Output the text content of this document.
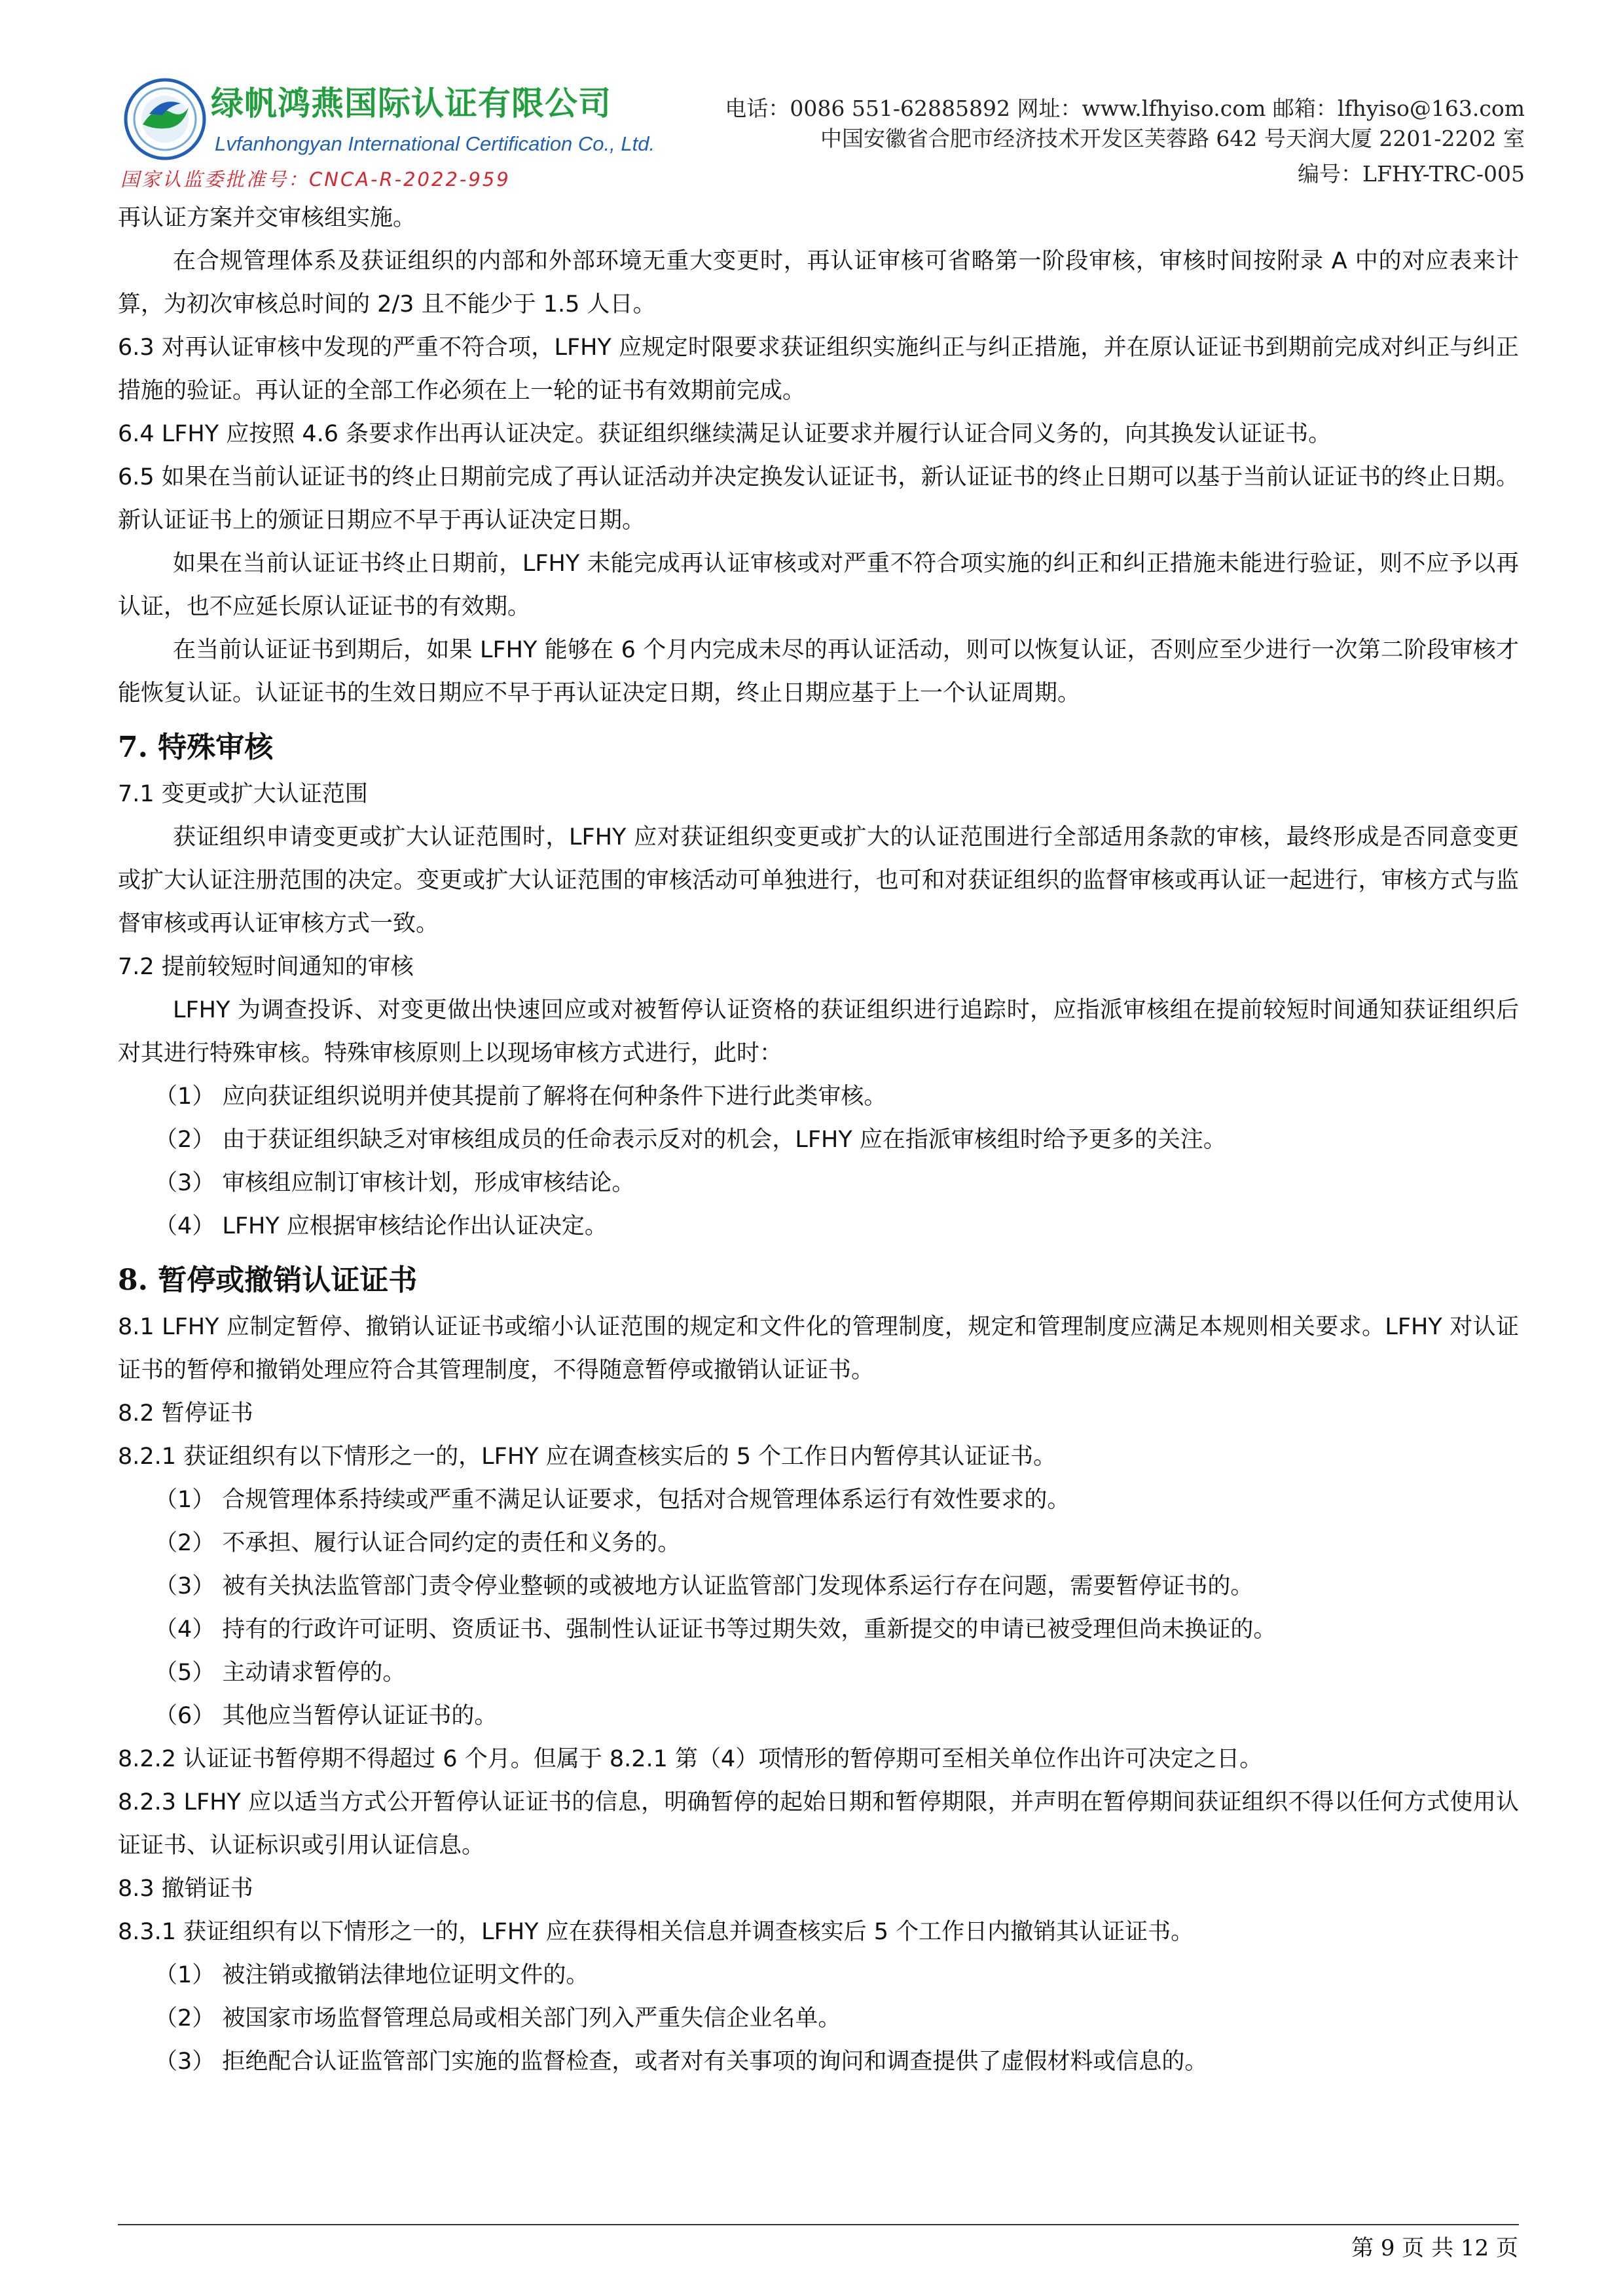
绿帆鸿燕国际认证有限公司
Lvfanhongyan International Certification Co., Ltd.
国家认监委批准号：CNCA-R-2022-959
电话：0086 551-62885892 网址：www.lfhyiso.com 邮箱：lfhyiso@163.com
中国安徽省合肥市经济技术开发区芙蓉路 642 号天润大厦 2201-2202 室
编号：LFHY-TRC-005

再认证方案并交审核组实施。

在合规管理体系及获证组织的内部和外部环境无重大变更时，再认证审核可省略第一阶段审核，审核时间按附录 A 中的对应表来计算，为初次审核总时间的 2/3 且不能少于 1.5 人日。

6.3 对再认证审核中发现的严重不符合项，LFHY 应规定时限要求获证组织实施纠正与纠正措施，并在原认证证书到期前完成对纠正与纠正措施的验证。再认证的全部工作必须在上一轮的证书有效期前完成。

6.4 LFHY 应按照 4.6 条要求作出再认证决定。获证组织继续满足认证要求并履行认证合同义务的，向其换发认证证书。

6.5 如果在当前认证证书的终止日期前完成了再认证活动并决定换发认证证书，新认证证书的终止日期可以基于当前认证证书的终止日期。新认证证书上的颁证日期应不早于再认证决定日期。

如果在当前认证证书终止日期前，LFHY 未能完成再认证审核或对严重不符合项实施的纠正和纠正措施未能进行验证，则不应予以再认证，也不应延长原认证证书的有效期。

在当前认证证书到期后，如果 LFHY 能够在 6 个月内完成未尽的再认证活动，则可以恢复认证，否则应至少进行一次第二阶段审核才能恢复认证。认证证书的生效日期应不早于再认证决定日期，终止日期应基于上一个认证周期。

7. 特殊审核

7.1 变更或扩大认证范围

获证组织申请变更或扩大认证范围时，LFHY 应对获证组织变更或扩大的认证范围进行全部适用条款的审核，最终形成是否同意变更或扩大认证注册范围的决定。变更或扩大认证范围的审核活动可单独进行，也可和对获证组织的监督审核或再认证一起进行，审核方式与监督审核或再认证审核方式一致。

7.2 提前较短时间通知的审核

LFHY 为调查投诉、对变更做出快速回应或对被暂停认证资格的获证组织进行追踪时，应指派审核组在提前较短时间通知获证组织后对其进行特殊审核。特殊审核原则上以现场审核方式进行，此时：

（1） 应向获证组织说明并使其提前了解将在何种条件下进行此类审核。

（2） 由于获证组织缺乏对审核组成员的任命表示反对的机会，LFHY 应在指派审核组时给予更多的关注。

（3） 审核组应制订审核计划，形成审核结论。

（4） LFHY 应根据审核结论作出认证决定。

8. 暂停或撤销认证证书

8.1 LFHY 应制定暂停、撤销认证证书或缩小认证范围的规定和文件化的管理制度，规定和管理制度应满足本规则相关要求。LFHY 对认证证书的暂停和撤销处理应符合其管理制度，不得随意暂停或撤销认证证书。

8.2 暂停证书

8.2.1 获证组织有以下情形之一的，LFHY 应在调查核实后的 5 个工作日内暂停其认证证书。

（1） 合规管理体系持续或严重不满足认证要求，包括对合规管理体系运行有效性要求的。

（2） 不承担、履行认证合同约定的责任和义务的。

（3） 被有关执法监管部门责令停业整顿的或被地方认证监管部门发现体系运行存在问题，需要暂停证书的。

（4） 持有的行政许可证明、资质证书、强制性认证证书等过期失效，重新提交的申请已被受理但尚未换证的。

（5） 主动请求暂停的。

（6） 其他应当暂停认证证书的。

8.2.2 认证证书暂停期不得超过 6 个月。但属于 8.2.1 第（4）项情形的暂停期可至相关单位作出许可决定之日。

8.2.3 LFHY 应以适当方式公开暂停认证证书的信息，明确暂停的起始日期和暂停期限，并声明在暂停期间获证组织不得以任何方式使用认证证书、认证标识或引用认证信息。

8.3 撤销证书

8.3.1 获证组织有以下情形之一的，LFHY 应在获得相关信息并调查核实后 5 个工作日内撤销其认证证书。

（1） 被注销或撤销法律地位证明文件的。

（2） 被国家市场监督管理总局或相关部门列入严重失信企业名单。

（3） 拒绝配合认证监管部门实施的监督检查，或者对有关事项的询问和调查提供了虚假材料或信息的。

第 9 页 共 12 页
